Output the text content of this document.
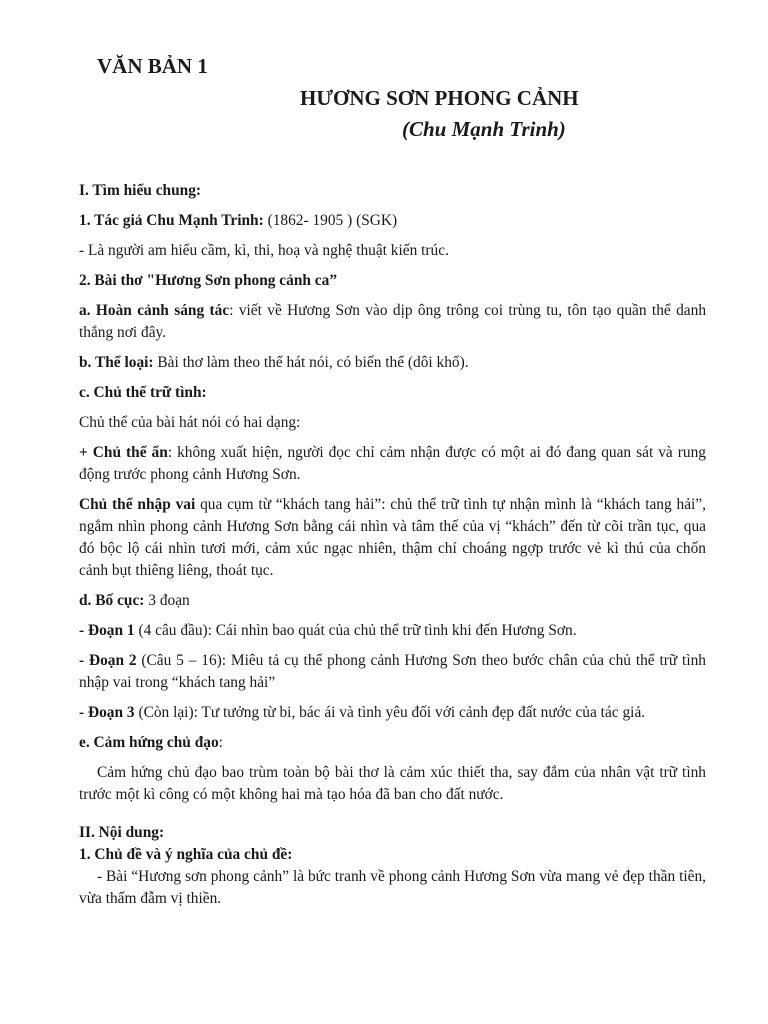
VĂN BẢN 1
HƯƠNG SƠN PHONG CẢNH
(Chu Mạnh Trinh)

I. Tìm hiểu chung:

1. Tác giả Chu Mạnh Trinh: (1862- 1905 ) (SGK)

- Là người am hiểu cầm, kì, thi, hoạ và nghệ thuật kiến trúc.

2. Bài thơ "Hương Sơn phong cảnh ca”

a. Hoàn cảnh sáng tác: viết về Hương Sơn vào dịp ông trông coi trùng tu, tôn tạo quần thể danh thắng nơi đây.

b. Thể loại: Bài thơ làm theo thể hát nói, có biến thể (dôi khổ).

c. Chủ thể trữ tình:

Chủ thể của bài hát nói có hai dạng:

+ Chủ thể ẩn: không xuất hiện, người đọc chỉ cảm nhận được có một ai đó đang quan sát và rung động trước phong cảnh Hương Sơn.

Chủ thể nhập vai qua cụm từ “khách tang hải”: chủ thể trữ tình tự nhận mình là “khách tang hải”, ngắm nhìn phong cảnh Hương Sơn bằng cái nhìn và tâm thế của vị “khách” đến từ cõi trần tục, qua đó bộc lộ cái nhìn tươi mới, cảm xúc ngạc nhiên, thậm chí choáng ngợp trước vẻ kì thú của chốn cảnh bụt thiêng liêng, thoát tục.

d. Bố cục: 3 đoạn

- Đoạn 1 (4 câu đầu): Cái nhìn bao quát của chủ thể trữ tình khi đến Hương Sơn.

- Đoạn 2 (Câu 5 – 16): Miêu tả cụ thể phong cảnh Hương Sơn theo bước chân của chủ thể trữ tình nhập vai trong “khách tang hải”

- Đoạn 3 (Còn lại): Tư tưởng từ bi, bác ái và tình yêu đối với cảnh đẹp đất nước của tác giả.

e. Cảm hứng chủ đạo:

Cảm hứng chủ đạo bao trùm toàn bộ bài thơ là cảm xúc thiết tha, say đắm của nhân vật trữ tình trước một kì công có một không hai mà tạo hóa đã ban cho đất nước.

II. Nội dung:

1. Chủ đề và ý nghĩa của chủ đề:

- Bài “Hương sơn phong cảnh” là bức tranh về phong cảnh Hương Sơn vừa mang vẻ đẹp thần tiên, vừa thấm đẫm vị thiền.
